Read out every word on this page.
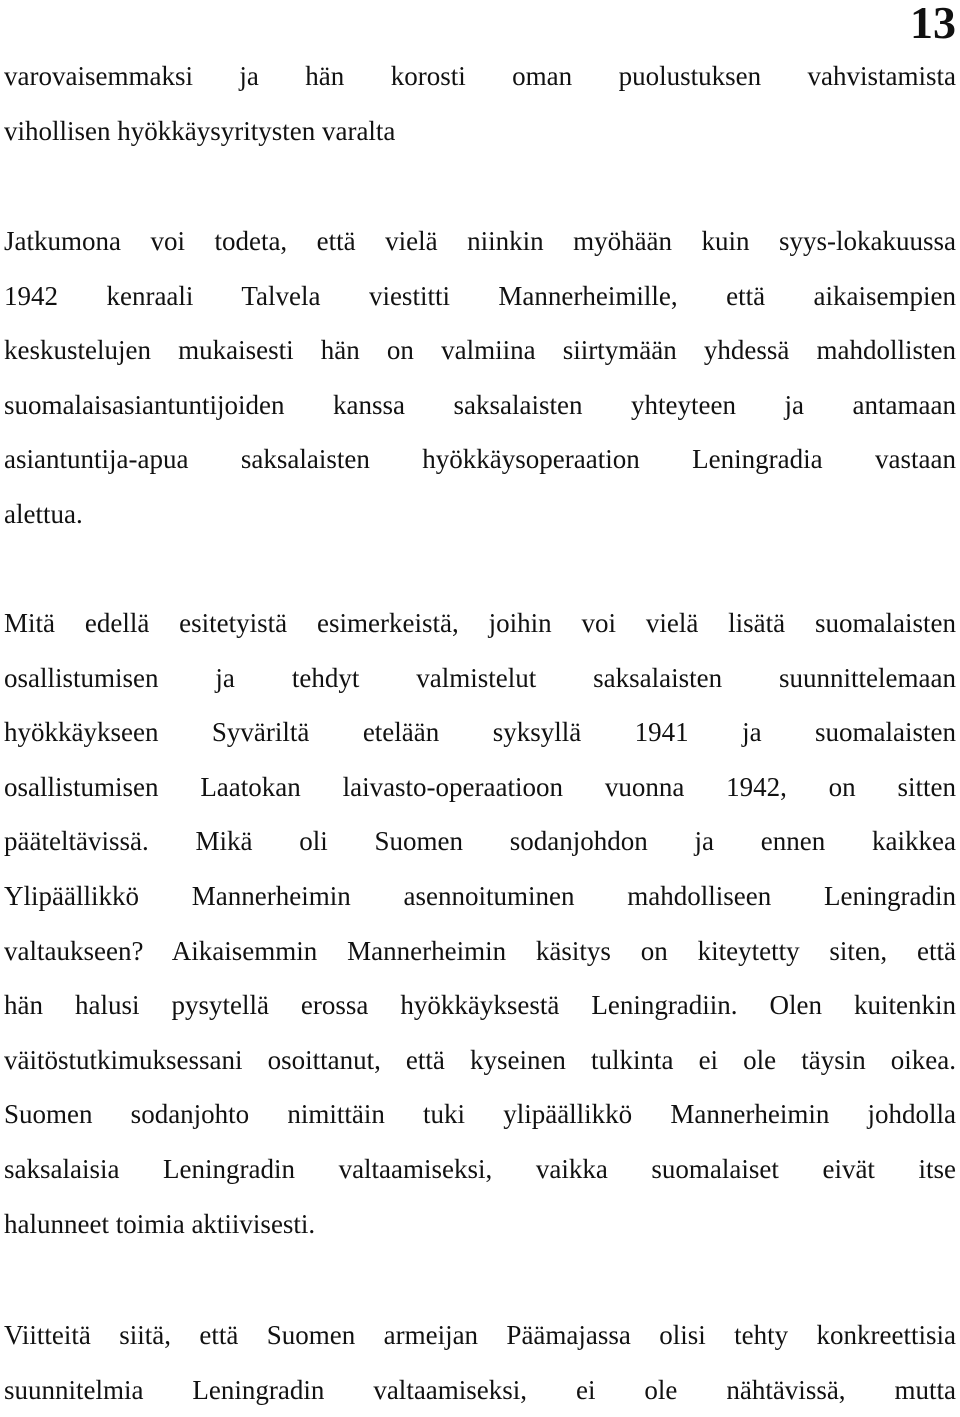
13
varovaisemmaksi ja hän korosti oman puolustuksen vahvistamista
vihollisen hyökkäysyritysten varalta
Jatkumona voi todeta, että vielä niinkin myöhään kuin syys-lokakuussa
1942 kenraali Talvela viestitti Mannerheimille, että aikaisempien
keskustelujen mukaisesti hän on valmiina siirtymään yhdessä mahdollisten
suomalaisasiantuntijoiden kanssa saksalaisten yhteyteen ja antamaan
asiantuntija-apua saksalaisten hyökkäysoperaation Leningradia vastaan
alettua.
Mitä edellä esitetyistä esimerkeistä, joihin voi vielä lisätä suomalaisten
osallistumisen ja tehdyt valmistelut saksalaisten suunnittelemaan
hyökkäykseen Syväriltä etelään syksyllä 1941 ja suomalaisten
osallistumisen Laatokan laivasto-operaatioon vuonna 1942, on sitten
pääteltävissä. Mikä oli Suomen sodanjohdon ja ennen kaikkea
Ylipäällikkö Mannerheimin asennoituminen mahdolliseen Leningradin
valtaukseen? Aikaisemmin Mannerheimin käsitys on kiteytetty siten, että
hän halusi pysytellä erossa hyökkäyksestä Leningradiin. Olen kuitenkin
väitöstutkimuksessani osoittanut, että kyseinen tulkinta ei ole täysin oikea.
Suomen sodanjohto nimittäin tuki ylipäällikkö Mannerheimin johdolla
saksalaisia Leningradin valtaamiseksi, vaikka suomalaiset eivät itse
halunneet toimia aktiivisesti.
Viitteitä siitä, että Suomen armeijan Päämajassa olisi tehty konkreettisia
suunnitelmia Leningradin valtaamiseksi, ei ole nähtävissä, mutta
